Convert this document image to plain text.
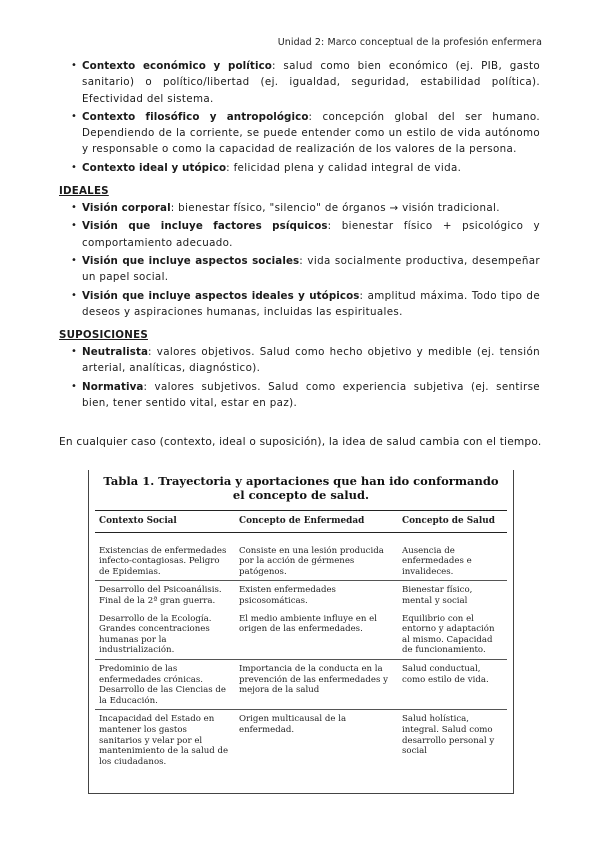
Unidad 2: Marco conceptual de la profesión enfermera

• Contexto económico y político: salud como bien económico (ej. PIB, gasto sanitario) o político/libertad (ej. igualdad, seguridad, estabilidad política). Efectividad del sistema.

• Contexto filosófico y antropológico: concepción global del ser humano. Dependiendo de la corriente, se puede entender como un estilo de vida autónomo y responsable o como la capacidad de realización de los valores de la persona.

• Contexto ideal y utópico: felicidad plena y calidad integral de vida.

IDEALES

• Visión corporal: bienestar físico, "silencio" de órganos → visión tradicional.

• Visión que incluye factores psíquicos: bienestar físico + psicológico y comportamiento adecuado.

• Visión que incluye aspectos sociales: vida socialmente productiva, desempeñar un papel social.

• Visión que incluye aspectos ideales y utópicos: amplitud máxima. Todo tipo de deseos y aspiraciones humanas, incluidas las espirituales.

SUPOSICIONES

• Neutralista: valores objetivos. Salud como hecho objetivo y medible (ej. tensión arterial, analíticas, diagnóstico).

• Normativa: valores subjetivos. Salud como experiencia subjetiva (ej. sentirse bien, tener sentido vital, estar en paz).

En cualquier caso (contexto, ideal o suposición), la idea de salud cambia con el tiempo.
Tabla 1. Trayectoria y aportaciones que han ido conformando
el concepto de salud.
Contexto Social	Concepto de Enfermedad	Concepto de Salud
Existencias de enfermedades infecto-contagiosas. Peligro de Epidemias.	Consiste en una lesión producida por la acción de gérmenes patógenos.	Ausencia de enfermedades e invalideces.
Desarrollo del Psicoanálisis. Final de la 2ª gran guerra.	Existen enfermedades psicosomáticas.	Bienestar físico, mental y social
Desarrollo de la Ecología. Grandes concentraciones humanas por la industrialización.	El medio ambiente influye en el origen de las enfermedades.	Equilibrio con el entorno y adaptación al mismo. Capacidad de funcionamiento.
Predominio de las enfermedades crónicas. Desarrollo de las Ciencias de la Educación.	Importancia de la conducta en la prevención de las enfermedades y mejora de la salud	Salud conductual, como estilo de vida.
Incapacidad del Estado en mantener los gastos sanitarios y velar por el mantenimiento de la salud de los ciudadanos.	Origen multicausal de la enfermedad.	Salud holística, integral. Salud como desarrollo personal y social
